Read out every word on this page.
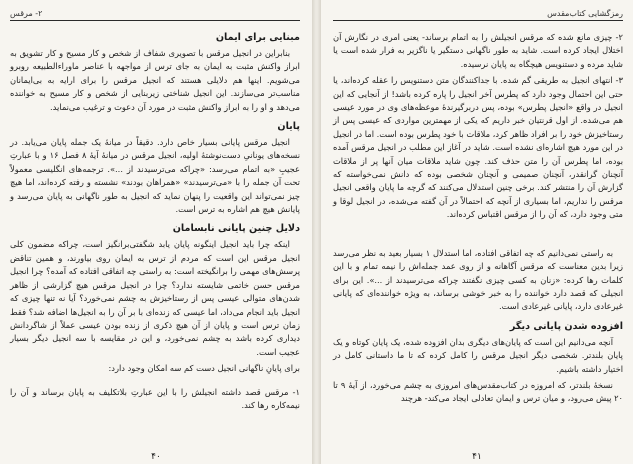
۲- مرقس
مبنایی برای ایمان

بنابراین در انجیل مرقس با تصویری شفاف از شخص و کار مسیح و کار تشویق به ابراز واکنش مثبت به ایمان به جای ترس از مواجهه با عناصر ماوراءالطبیعه روبرو می‌شویم. اینها هم دلایلی هستند که انجیل مرقس را برای ارایه به بی‌ایمانان مناسب‌تر می‌سازند. این انجیل شناختی زیربنایی از شخص و کار مسیح به خواننده می‌دهد و او را به ابراز واکنش مثبت در مورد آن دعوت و ترغیب می‌نماید.

پایان

انجیل مرقس پایانی بسیار خاص دارد. دقیقاً در میانهٔ یک جمله پایان می‌یابد. در نسخه‌های یونانیِ دست‌نوشتهٔ اولیه، انجیل مرقس در میانهٔ آیهٔ ۸ فصل ۱۶ و با عبارتِ عجیبِ «به اتمام می‌رسد: «چراکه می‌ترسیدند از ...». ترجمه‌های انگلیسی معمولاً تحت آن جمله را با «می‌ترسیدند» «همراهان بودند» نشسته و رفته کرده‌اند، اما هیچ چیز نمی‌تواند این واقعیت را پنهان نماید که انجیل به طور ناگهانی به پایان می‌رسد و پایانش هیچ هم اشاره به ترس است.

دلایل چنین پایانی نابسامان

اینکه چرا باید انجیل اینگونه پایان یابد شگفتی‌برانگیز است، چراکه مضمون کلی انجیل مرقس این است که مردم از ترس به ایمان روی بیاورند، و همین تناقض پرسش‌های مهمی را برانگیخته است: به راستی چه اتفاقی افتاده که آمده؟ چرا انجیل مرقس حسن خاتمی شایسته ندارد؟ چرا در انجیل مرقس هیچ گزارشی از ظاهر شدن‌های متوالی عیسی پس از رستاخیزش به چشم نمی‌خورد؟ آیا نه تنها چیزی که انجیل باید انجام می‌داد، اما عیسی که زنده‌ای با بر آن را به انجیل‌ها اضافه شد؟ فقط زمان ترس است و پایان از آن هیچ ذکری از زنده بودن عیسی عملاً از شاگردانش دیداری کرده باشد به چشم نمی‌خورد، و این در مقایسه با سه انجیل دیگر بسیار عجیب است.

برای پایانِ ناگهانی انجیل دست کم سه امکان وجود دارد:

۱- مرقس قصد داشته انجیلش را با این عبارتِ بلاتکلیف به پایان برساند و آن را نیمه‌کاره رها کند.

۴۰
رمزگشایی کتاب‌مقدس

۲- چیزی مانع شده که مرقس انجیلش را به اتمام برساند- یعنی امری در نگارش آن اختلال ایجاد کرده است. شاید به طور ناگهانی دستگیر یا ناگزیر به فرار شده است یا شاید مرده و دستنویس هیچگاه به پایان نرسیده.

۳- انتهای انجیل به طریقی گم شده. با جداکنندگان متن دستنویس را عقله کرده‌اند، یا حتی این احتمال وجود دارد که پطرس آخر انجیل را پاره کرده باشد! از آنجایی که این انجیل در واقع «انجیل پطرس» بوده، پس دربرگیرندهٔ موعظه‌های وی در مورد عیسی هم می‌شده. از اول قرنتیان خبر داریم که یکی از مهمترین مواردی که عیسی پس از رستاخیزش خود را بر افراد ظاهر کرد، ملاقات با خود پطرس بوده است. اما در انجیل در این مورد هیچ اشاره‌ای نشده است. شاید در آغاز این مطلب در انجیل مرقس آمده بوده، اما پطرس آن را متن حذف کند. چون شاید ملاقات میان آنها پر از ملاقات آنچنان گرانقدر، آنچنان صمیمی و آنچنان شخصی بوده که دانش نمی‌خواسته که گزارش آن را منتشر کند. برخی چنین استدلال می‌کنند که گرچه ما پایان واقعی انجیل مرقس را نداریم، اما بسیاری از آنچه که احتمالاً در آن گفته می‌شده، در انجیل لوقا و متی وجود دارد، که آن را از مرقس اقتباس کرده‌اند.

به راستی نمی‌دانیم که چه اتفاقی افتاده، اما استدلال ۱ بسیار بعید به نظر می‌رسد زیرا بدین معناست که مرقس آگاهانه و از روی عمد جمله‌اش را نیمه تمام و با این کلمات رها کرده: «زنان به کسی چیزی نگفتند چراکه می‌ترسیدند از ...». این برای انجیلی که قصد دارد خواننده را به خبر خوشی برساند، به ویژه خواننده‌ای که پایانی غیرعادی دارد، پایانی غیرعادی است.

افزوده شدن پایانی دیگر

آنچه می‌دانیم این است که پایان‌های دیگری بدان افزوده شده، یک پایان کوتاه و یک پایان بلندتر. شخصی دیگر انجیل مرقس را کامل کرده که تا ما داستانی کامل در اختیار داشته باشیم.

نسخهٔ بلندتر، که امروزه در کتاب‌مقدس‌های امروزی به چشم می‌خورد، از آیهٔ ۹ تا ۲۰ پیش می‌رود، و میان ترس و ایمان تعادلی ایجاد می‌کند- هرچند

۴۱
